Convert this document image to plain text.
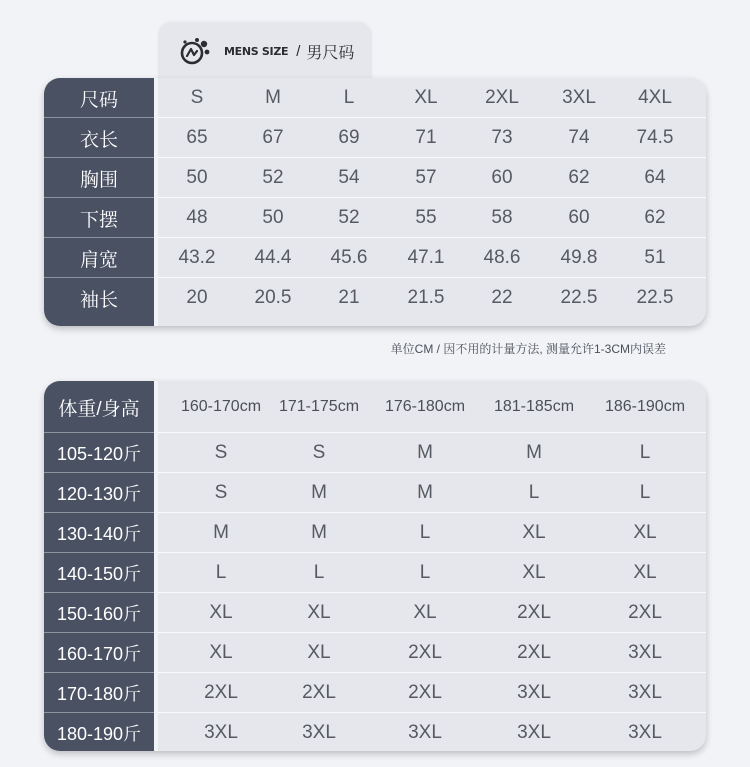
MENS SIZE / 男尺码
尺码	S	M	L	XL	2XL	3XL	4XL
衣长	65	67	69	71	73	74	74.5
胸围	50	52	54	57	60	62	64
下摆	48	50	52	55	58	60	62
肩宽	43.2	44.4	45.6	47.1	48.6	49.8	51
袖长	20	20.5	21	21.5	22	22.5	22.5
单位CM / 因不用的计量方法, 测量允许1-3CM内误差
体重/身高	160-170cm	171-175cm	176-180cm	181-185cm	186-190cm
105-120斤	S	S	M	M	L
120-130斤	S	M	M	L	L
130-140斤	M	M	L	XL	XL
140-150斤	L	L	L	XL	XL
150-160斤	XL	XL	XL	2XL	2XL
160-170斤	XL	XL	2XL	2XL	3XL
170-180斤	2XL	2XL	2XL	3XL	3XL
180-190斤	3XL	3XL	3XL	3XL	3XL
